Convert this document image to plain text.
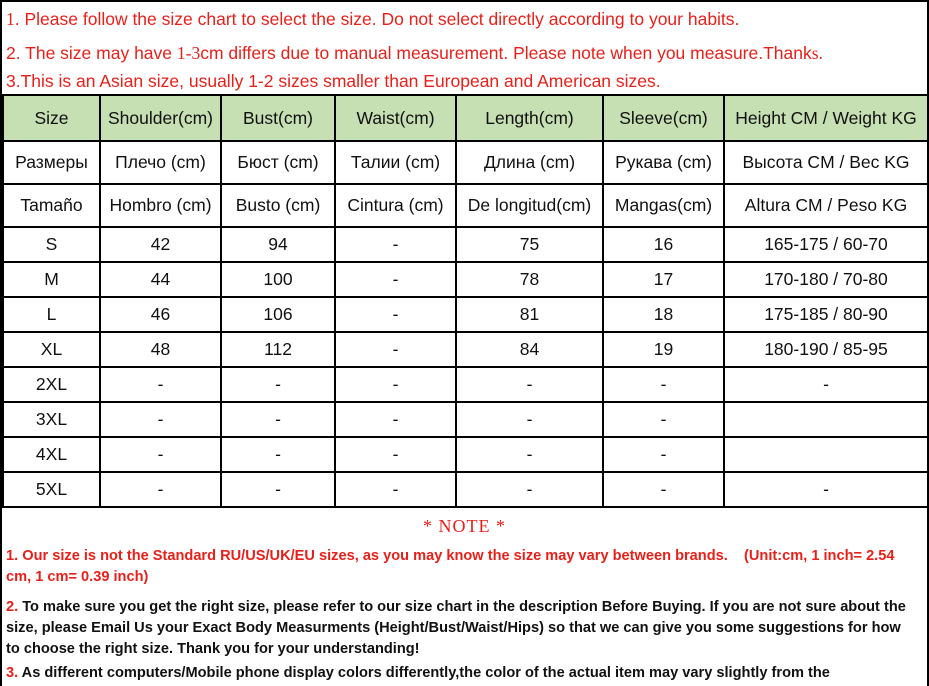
1. Please follow the size chart to select the size. Do not select directly according to your habits.
2. The size may have 1-3cm differs due to manual measurement. Please note when you measure.Thanks.
3.This is an Asian size, usually 1-2 sizes smaller than European and American sizes.
Size	Shoulder(cm)	Bust(cm)	Waist(cm)	Length(cm)	Sleeve(cm)	Height CM / Weight KG
Размеры	Плечо (cm)	Бюст (cm)	Талии (cm)	Длина (cm)	Рукава (cm)	Высота CM / Вес KG
Tamaño	Hombro (cm)	Busto (cm)	Cintura (cm)	De longitud(cm)	Mangas(cm)	Altura CM / Peso KG
S	42	94	-	75	16	165-175 / 60-70
M	44	100	-	78	17	170-180 / 70-80
L	46	106	-	81	18	175-185 / 80-90
XL	48	112	-	84	19	180-190 / 85-95
2XL	-	-	-	-	-	-
3XL	-	-	-	-	-	
4XL	-	-	-	-	-	
5XL	-	-	-	-	-	-
* NOTE *
1. Our size is not the Standard RU/US/UK/EU sizes, as you may know the size may vary between brands. (Unit:cm, 1 inch= 2.54 cm, 1 cm= 0.39 inch)
2. To make sure you get the right size, please refer to our size chart in the description Before Buying. If you are not sure about the size, please Email Us your Exact Body Measurments (Height/Bust/Waist/Hips) so that we can give you some suggestions for how to choose the right size. Thank you for your understanding!
3. As different computers/Mobile phone display colors differently,the color of the actual item may vary slightly from the
